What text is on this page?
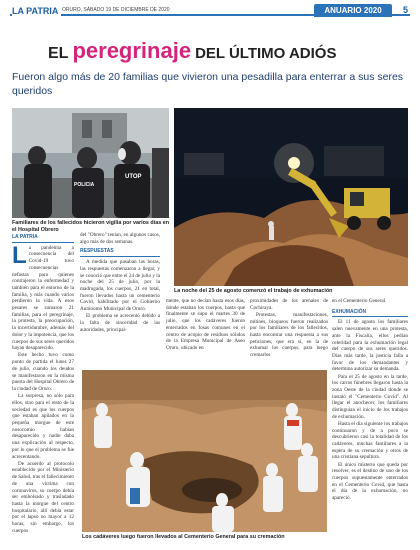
LA PATRIA ORURO, SÁBADO 19 DE DICIEMBRE DE 2020	ANUARIO 2020	5
EL peregrinaje DEL ÚLTIMO ADIÓS
Fueron algo más de 20 familias que vivieron una pesadilla para enterrar a sus seres queridos
UTOP
POLICIA
Familiares de los fallecidos hicieron vigilia por varios días en el Hospital Obrero
La noche del 25 de agosto comenzó el trabajo de exhumación
LA PATRIA

La pandemia a consecuencia del Covid-19 tuvo consecuencias nefastas para quienes contrajeron la enfermedad y también para el entorno de la familia, y más cuando varios perdieron la vida. A esos pesares se sumaron 21 familias, para el peregrinaje, la protesta, la preocupación, la incertidumbre, además del dolor y la impotencia, que los cuerpos de sus seres queridos hayan desaparecido.

Este hecho tuvo como punto de partida el lunes 27 de julio, cuando los deudos se manifestaron en la misma puerta del Hospital Obrero de la ciudad de Oruro.

La sorpresa, no sólo para ellos, sino para el resto de la sociedad es que los cuerpos que estaban apilados en la pequeña morgue de este nosocomio habían desaparecido y nadie daba una explicación al respecto, por lo que el problema se fue acrecentando.

De acuerdo al protocolo establecido por el Ministerio de Salud, tras el fallecimiento de una víctima con coronavirus, su cuerpo debía ser embolsado y trasladado hasta la morgue del centro hospitalario, allí debía estar por el lapso no mayor a 12 horas, sin embargo, los cuerpos

del "Obrero" tenían, en algunos casos, algo más de dos semanas.

RESPUESTAS

A medida que pasaban las horas, las respuestas comenzaron a llegar, y se conoció que entre el 24 de julio y la noche del 25 de julio, por la madrugada, los cuerpos, 21 en total, fueron llevados hasta un cementerio Covid, habilitado por el Gobierno Autónomo Municipal de Oruro.

El problema se acrecentó debido a la falta de sinceridad de las autoridades, principal-

mente, que no decían hasta esos días, dónde estaban los cuerpos, hasta que finalmente se supo el martes 30 de julio, que los cadáveres fueron enterrados en fosas comunes en el centro de acopio de residuos sólidos de la Empresa Municipal de Aseo Oruro, ubicado en

proximidades de los arenales de Cochiraya.

Protestas, manifestaciones, mítines, bloqueos fueron realizados por los familiares de los fallecidos, hasta encontrar una respuesta a sus peticiones, que era sí, en la de exhumar los cuerpos, para luego cremarlos

en el Cementerio General.

EXHUMACIÓN

El 11 de agosto los familiares salen nuevamente en una protesta, ante la Fiscalía, ellos pedían celeridad para la exhumación legal del cuerpo de sus seres queridos. Días más tarde, la justicia falla a favor de los demandantes y determina autorizar su demanda.

Para el 25 de agosto en la tarde, los carros fúnebres llegaron hasta la zona Oeste de la ciudad donde se instaló el "Cementerio Covid". Al llegar el anochecer, los familiares distinguían el inicio de los trabajos de exhumación.

Hasta el día siguiente los trabajos continuaron y de a poco se descubrieron casi la totalidad de los cadáveres, muchas familiares a la espera de su cremación y otros de una cristiana sepultura.

El único misterio que queda por resolver, es el destino de uno de los cuerpos supuestamente enterrados en el Cementerio Covid, que hasta el día de la exhumación, no apareció.

Los cadáveres luego fueron llevados al Cementerio General para su cremación
